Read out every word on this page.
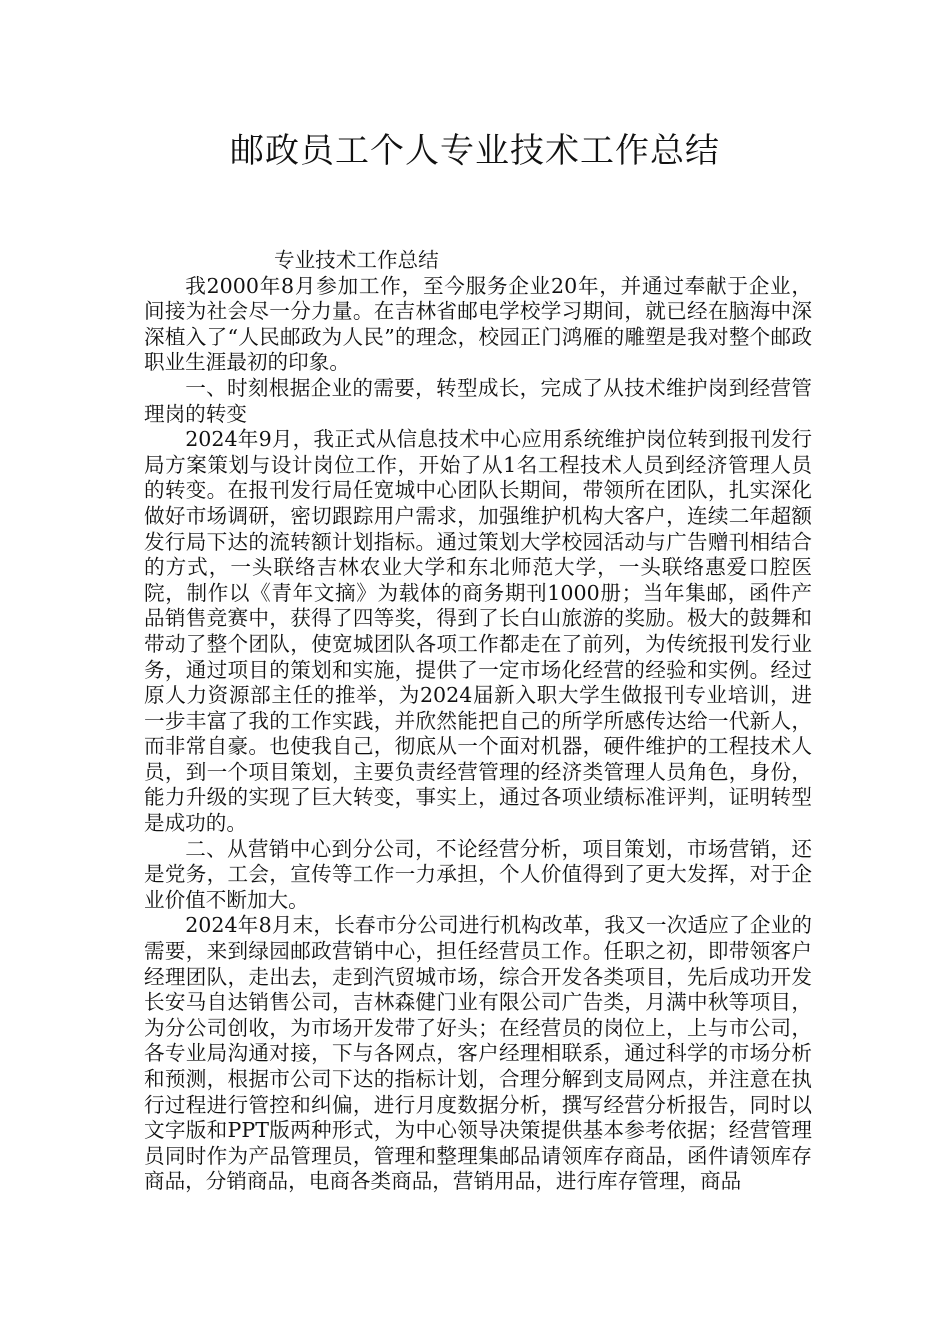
邮政员工个人专业技术工作总结

专业技术工作总结

我2000年8月参加工作，至今服务企业20年，并通过奉献于企业，间接为社会尽一分力量。在吉林省邮电学校学习期间，就已经在脑海中深深植入了“人民邮政为人民”的理念，校园正门鸿雁的雕塑是我对整个邮政职业生涯最初的印象。

一、时刻根据企业的需要，转型成长，完成了从技术维护岗到经营管理岗的转变

2024年9月，我正式从信息技术中心应用系统维护岗位转到报刊发行局方案策划与设计岗位工作，开始了从1名工程技术人员到经济管理人员的转变。在报刊发行局任宽城中心团队长期间，带领所在团队，扎实深化做好市场调研，密切跟踪用户需求，加强维护机构大客户，连续二年超额发行局下达的流转额计划指标。通过策划大学校园活动与广告赠刊相结合的方式，一头联络吉林农业大学和东北师范大学，一头联络惠爱口腔医院，制作以《青年文摘》为载体的商务期刊1000册；当年集邮，函件产品销售竞赛中，获得了四等奖，得到了长白山旅游的奖励。极大的鼓舞和带动了整个团队，使宽城团队各项工作都走在了前列，为传统报刊发行业务，通过项目的策划和实施，提供了一定市场化经营的经验和实例。经过原人力资源部主任的推举，为2024届新入职大学生做报刊专业培训，进一步丰富了我的工作实践，并欣然能把自己的所学所感传达给一代新人，而非常自豪。也使我自己，彻底从一个面对机器，硬件维护的工程技术人员，到一个项目策划，主要负责经营管理的经济类管理人员角色，身份，能力升级的实现了巨大转变，事实上，通过各项业绩标准评判，证明转型是成功的。

二、从营销中心到分公司，不论经营分析，项目策划，市场营销，还是党务，工会，宣传等工作一力承担，个人价值得到了更大发挥，对于企业价值不断加大。

2024年8月末，长春市分公司进行机构改革，我又一次适应了企业的需要，来到绿园邮政营销中心，担任经营员工作。任职之初，即带领客户经理团队，走出去，走到汽贸城市场，综合开发各类项目，先后成功开发长安马自达销售公司，吉林森健门业有限公司广告类，月满中秋等项目，为分公司创收，为市场开发带了好头；在经营员的岗位上，上与市公司，各专业局沟通对接，下与各网点，客户经理相联系，通过科学的市场分析和预测，根据市公司下达的指标计划，合理分解到支局网点，并注意在执行过程进行管控和纠偏，进行月度数据分析，撰写经营分析报告，同时以文字版和PPT版两种形式，为中心领导决策提供基本参考依据；经营管理员同时作为产品管理员，管理和整理集邮品请领库存商品，函件请领库存商品，分销商品，电商各类商品，营销用品，进行库存管理，商品
